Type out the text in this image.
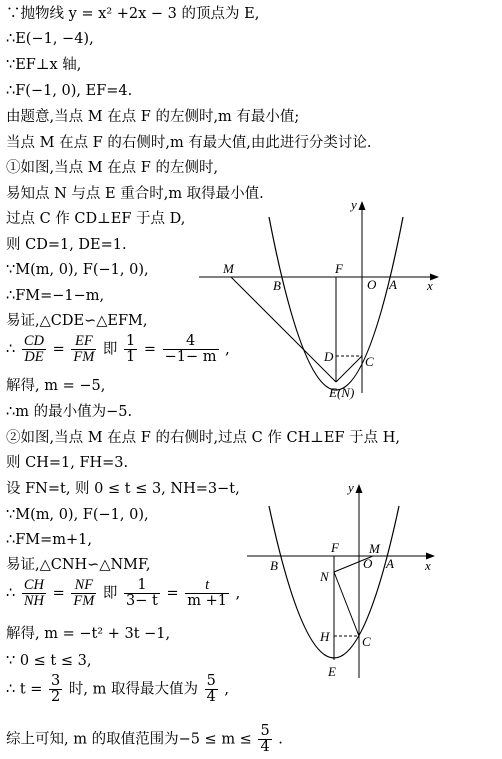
∵抛物线 y = x² +2x − 3 的顶点为 E,
∴E(−1, −4),
∵EF⊥x 轴,
∴F(−1, 0), EF=4.
由题意,当点 M 在点 F 的左侧时,m 有最小值;
当点 M 在点 F 的右侧时,m 有最大值,由此进行分类讨论.
①如图,当点 M 在点 F 的左侧时,
易知点 N 与点 E 重合时,m 取得最小值.
过点 C 作 CD⊥EF 于点 D,
则 CD=1, DE=1.
∵M(m, 0), F(−1, 0),
∴FM=−1−m,
易证,△CDE∽△EFM,
∴ $\frac{CD}{DE} = \frac{EF}{FM}$ 即 $\frac{1}{1} = \frac{4}{-1- m}$ ,
解得, m = −5,
∴m 的最小值为−5.
②如图,当点 M 在点 F 的右侧时,过点 C 作 CH⊥EF 于点 H,
则 CH=1, FH=3.
设 FN=t, 则 0 ≤ t ≤ 3, NH=3−t,
∵M(m, 0), F(−1, 0),
∴FM=m+1,
易证,△CNH∽△NMF,
∴ $\frac{CH}{NH} = \frac{NF}{FM}$ 即 $\frac{1}{3- t} = \frac{t}{m +1}$ ,
解得, m = −t² + 3t −1,
∵ 0 ≤ t ≤ 3,
∴ $t = \frac{3}{2}$ 时, m 取得最大值为 $\frac{5}{4}$ ,
综上可知, m 的取值范围为$-5 \le m \le \frac{5}{4}$ .
y
x
M	F
O A
B
D C
E(N)
y
x
F M
O A
B
N
H	C
E
